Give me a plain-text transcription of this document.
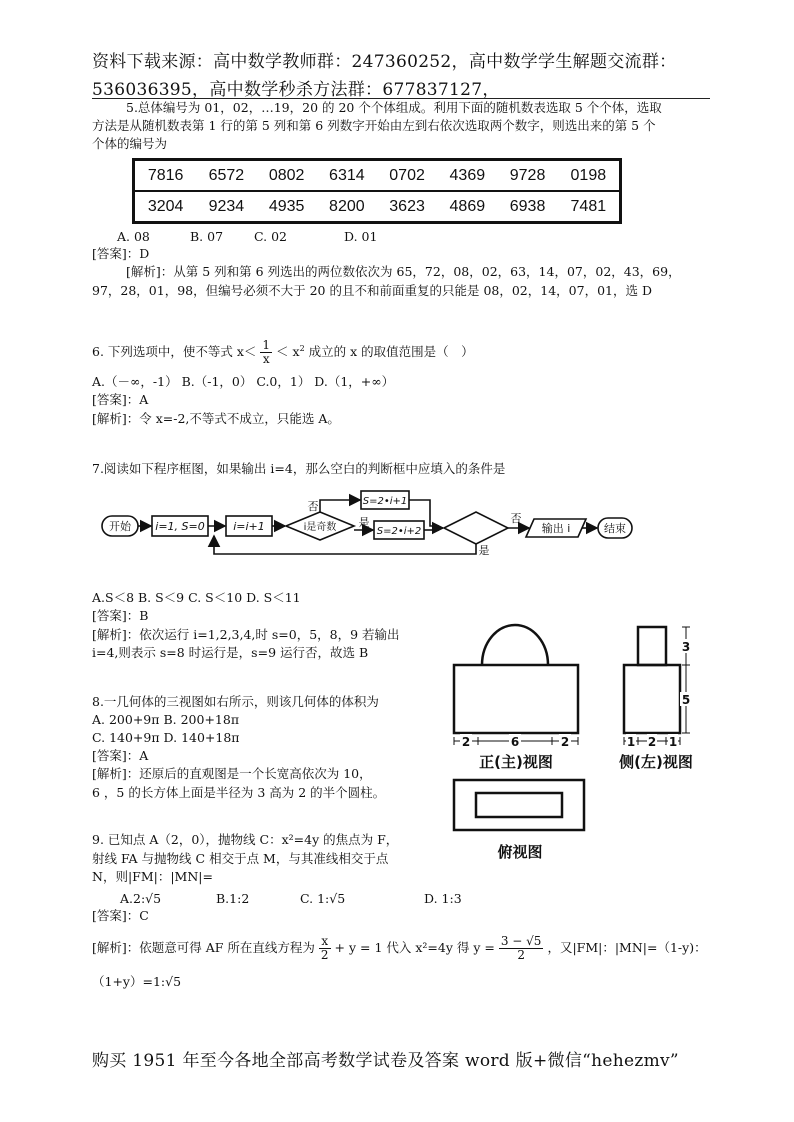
资料下载来源：高中数学教师群：247360252，高中数学学生解题交流群：
536036395，高中数学秒杀方法群：677837127，
5.总体编号为 01，02，…19，20 的 20 个个体组成。利用下面的随机数表选取 5 个个体，选取
方法是从随机数表第 1 行的第 5 列和第 6 列数字开始由左到右依次选取两个数字，则选出来的第 5 个
个体的编号为
7816	6572	0802	6314	0702	4369	9728	0198
3204	9234	4935	8200	3623	4869	6938	7481
A. 08	B. 07 C. 02	D. 01
[答案]：D
[解析]：从第 5 列和第 6 列选出的两位数依次为 65，72，08，02，63，14，07，02，43，69，
97，28，01，98，但编号必须不大于 20 的且不和前面重复的只能是 08，02，14，07，01，选 D
6. 下列选项中，使不等式 $x< \frac{1}{x} < x^2$ 成立的 x 的取值范围是（　）
A.（－∞，-1） B.（-1，0） C.0，1） D.（1，+∞）
[答案]：A
[解析]：令 x=-2,不等式不成立，只能选 A。
7.阅读如下程序框图，如果输出 i=4，那么空白的判断框中应填入的条件是
开始 i=1, S=0	i=i+1	i是奇数
S=2•i+1
S=2•i+2
否
是	否
是
输出 i	结束
A.S＜8 B. S＜9 C. S＜10 D. S＜11
[答案]：B
[解析]：依次运行 i=1,2,3,4,时 s=0，5，8，9 若输出
i=4,则表示 s=8 时运行是，s=9 运行否，故选 B
8.一几何体的三视图如右所示，则该几何体的体积为
A. 200+9π B. 200+18π
C. 140+9π D. 140+18π
[答案]：A
[解析]：还原后的直观图是一个长宽高依次为 10，
6 ，5 的长方体上面是半径为 3 高为 2 的半个圆柱。
2	6	2	1 2 1
3
5
正(主)视图	侧(左)视图
俯视图
9. 已知点 A（2，0），抛物线 C：x²=4y 的焦点为 F，
射线 FA 与抛物线 C 相交于点 M，与其准线相交于点
N，则|FM|：|MN|=
A.2:√5	B.1:2	C. 1:√5	D. 1:3
[答案]：C
[解析]：依题意可得 AF 所在直线方程为 $\frac{x}{2} + y = 1$ 代入 x²=4y 得 $y = \frac{3 - √5}{2}$ ，又|FM|：|MN|=（1-y)：
（1+y）=1:√5
购买 1951 年至今各地全部高考数学试卷及答案 word 版+微信“hehezmv”
